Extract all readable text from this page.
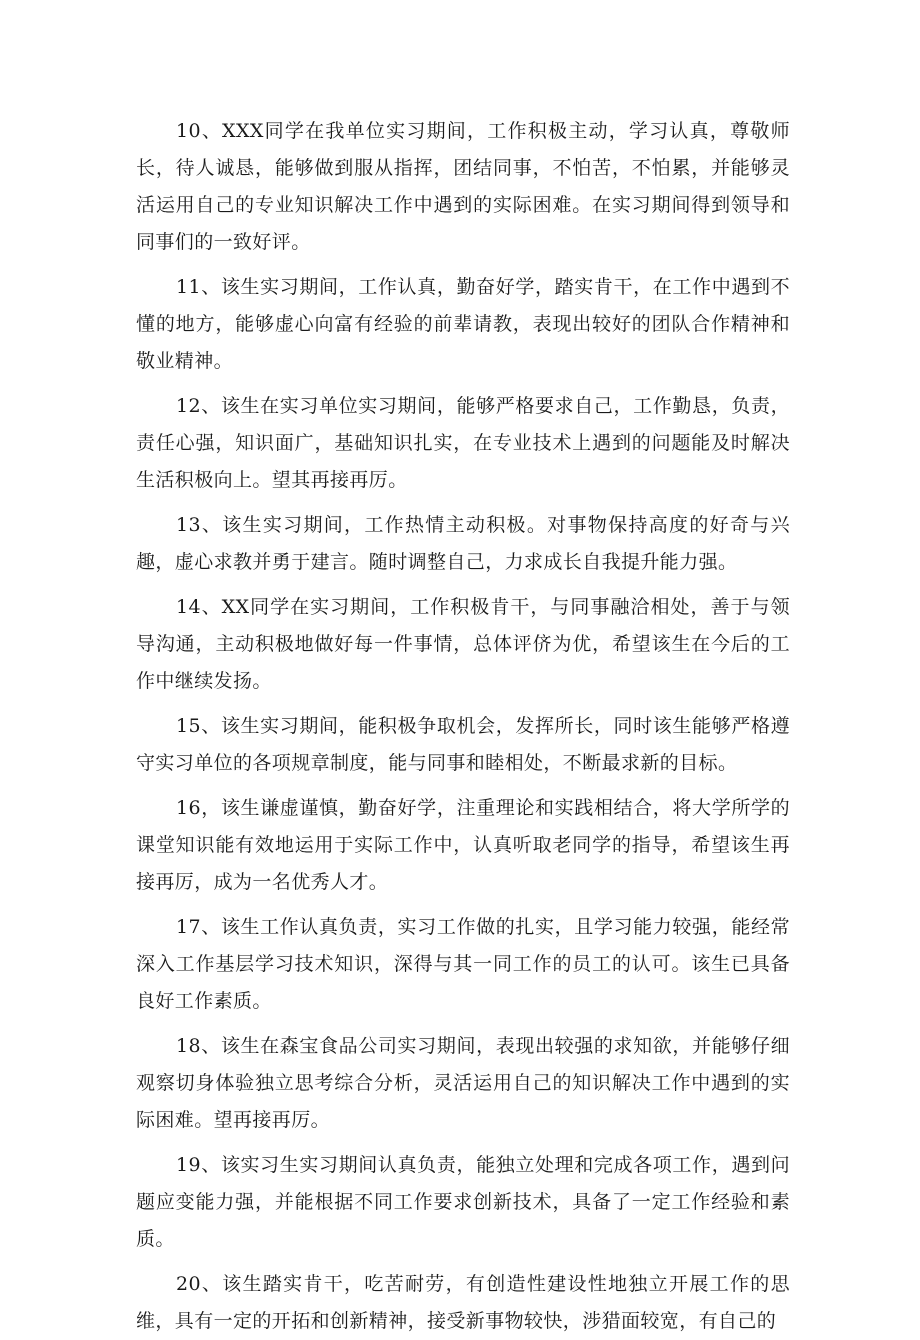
10、XXX同学在我单位实习期间，工作积极主动，学习认真，尊敬师长，待人诚恳，能够做到服从指挥，团结同事，不怕苦，不怕累，并能够灵活运用自己的专业知识解决工作中遇到的实际困难。在实习期间得到领导和同事们的一致好评。

11、该生实习期间，工作认真，勤奋好学，踏实肯干，在工作中遇到不懂的地方，能够虚心向富有经验的前辈请教，表现出较好的团队合作精神和敬业精神。

12、该生在实习单位实习期间，能够严格要求自己，工作勤恳，负责，责任心强，知识面广，基础知识扎实，在专业技术上遇到的问题能及时解决生活积极向上。望其再接再厉。

13、该生实习期间，工作热情主动积极。对事物保持高度的好奇与兴趣，虚心求教并勇于建言。随时调整自己，力求成长自我提升能力强。

14、XX同学在实习期间，工作积极肯干，与同事融洽相处，善于与领导沟通，主动积极地做好每一件事情，总体评侪为优，希望该生在今后的工作中继续发扬。

15、该生实习期间，能积极争取机会，发挥所长，同时该生能够严格遵守实习单位的各项规章制度，能与同事和睦相处，不断最求新的目标。

16，该生谦虚谨慎，勤奋好学，注重理论和实践相结合，将大学所学的课堂知识能有效地运用于实际工作中，认真听取老同学的指导，希望该生再接再厉，成为一名优秀人才。

17、该生工作认真负责，实习工作做的扎实，且学习能力较强，能经常深入工作基层学习技术知识，深得与其一同工作的员工的认可。该生已具备良好工作素质。

18、该生在森宝食品公司实习期间，表现出较强的求知欲，并能够仔细观察切身体验独立思考综合分析，灵活运用自己的知识解决工作中遇到的实际困难。望再接再厉。

19、该实习生实习期间认真负责，能独立处理和完成各项工作，遇到问题应变能力强，并能根据不同工作要求创新技术，具备了一定工作经验和素质。

20、该生踏实肯干，吃苦耐劳，有创造性建设性地独立开展工作的思维，具有一定的开拓和创新精神，接受新事物较快，涉猎面较宽，有自己的
